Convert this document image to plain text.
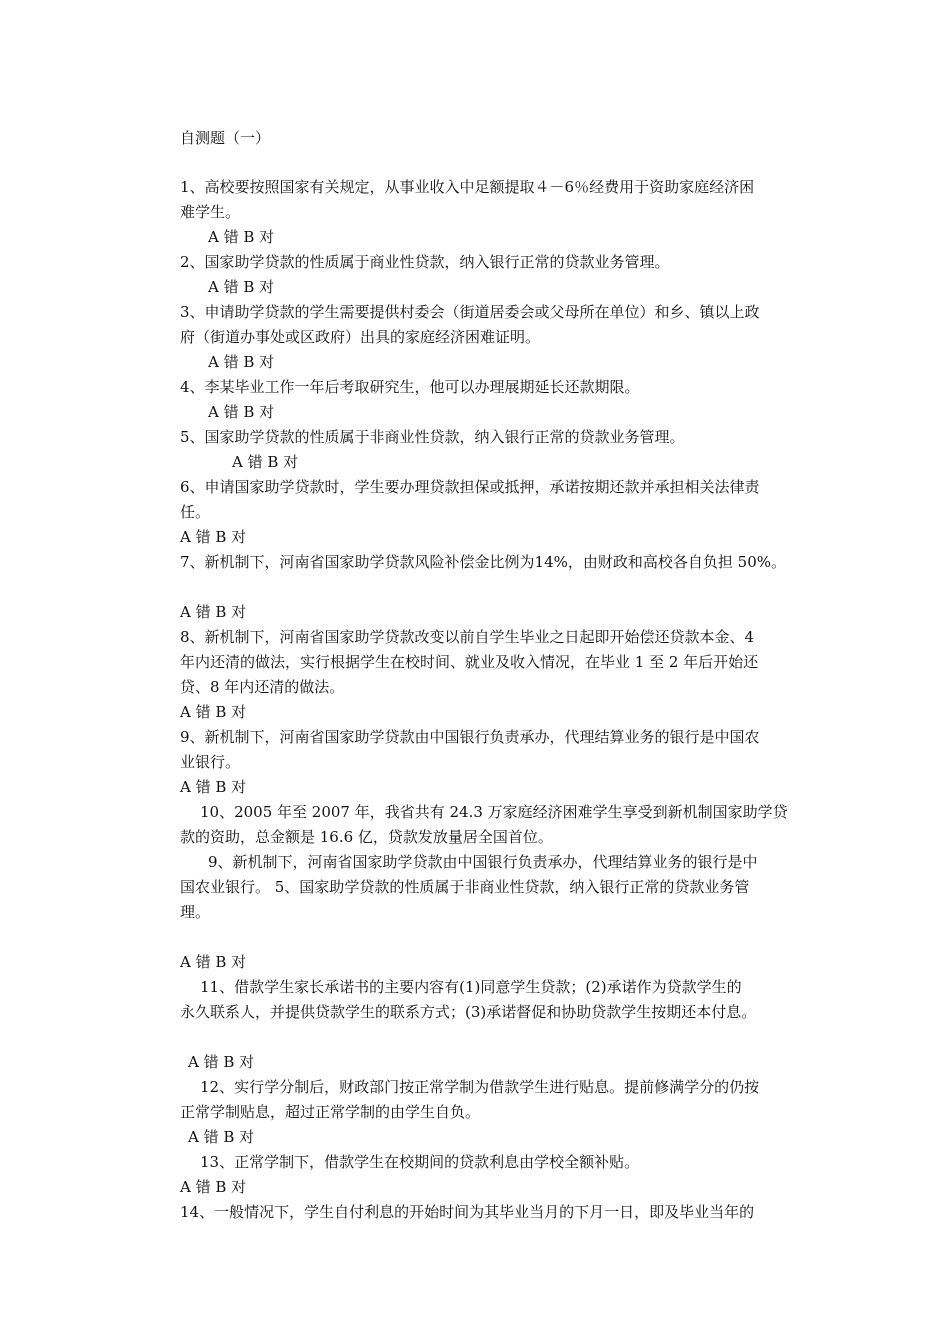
自测题（一）
1、高校要按照国家有关规定，从事业收入中足额提取４－6％经费用于资助家庭经济困
难学生。
A 错 B 对
2、国家助学贷款的性质属于商业性贷款，纳入银行正常的贷款业务管理。
A 错 B 对
3、申请助学贷款的学生需要提供村委会（街道居委会或父母所在单位）和乡、镇以上政
府（街道办事处或区政府）出具的家庭经济困难证明。
A 错 B 对
4、李某毕业工作一年后考取研究生，他可以办理展期延长还款期限。
A 错 B 对
5、国家助学贷款的性质属于非商业性贷款，纳入银行正常的贷款业务管理。
A 错 B 对
6、申请国家助学贷款时，学生要办理贷款担保或抵押，承诺按期还款并承担相关法律责
任。
A 错 B 对
7、新机制下，河南省国家助学贷款风险补偿金比例为14%，由财政和高校各自负担 50%。
A 错 B 对
8、新机制下，河南省国家助学贷款改变以前自学生毕业之日起即开始偿还贷款本金、4
年内还清的做法，实行根据学生在校时间、就业及收入情况，在毕业 1 至 2 年后开始还
贷、8 年内还清的做法。
A 错 B 对
9、新机制下，河南省国家助学贷款由中国银行负责承办，代理结算业务的银行是中国农
业银行。
A 错 B 对
10、2005 年至 2007 年，我省共有 24.3 万家庭经济困难学生享受到新机制国家助学贷
款的资助，总金额是 16.6 亿，贷款发放量居全国首位。
9、新机制下，河南省国家助学贷款由中国银行负责承办，代理结算业务的银行是中
国农业银行。 5、国家助学贷款的性质属于非商业性贷款，纳入银行正常的贷款业务管
理。
A 错 B 对
11、借款学生家长承诺书的主要内容有(1)同意学生贷款；(2)承诺作为贷款学生的
永久联系人，并提供贷款学生的联系方式；(3)承诺督促和协助贷款学生按期还本付息。
A 错 B 对
12、实行学分制后，财政部门按正常学制为借款学生进行贴息。提前修满学分的仍按
正常学制贴息，超过正常学制的由学生自负。
A 错 B 对
13、正常学制下，借款学生在校期间的贷款利息由学校全额补贴。
A 错 B 对
14、一般情况下，学生自付利息的开始时间为其毕业当月的下月一日，即及毕业当年的
